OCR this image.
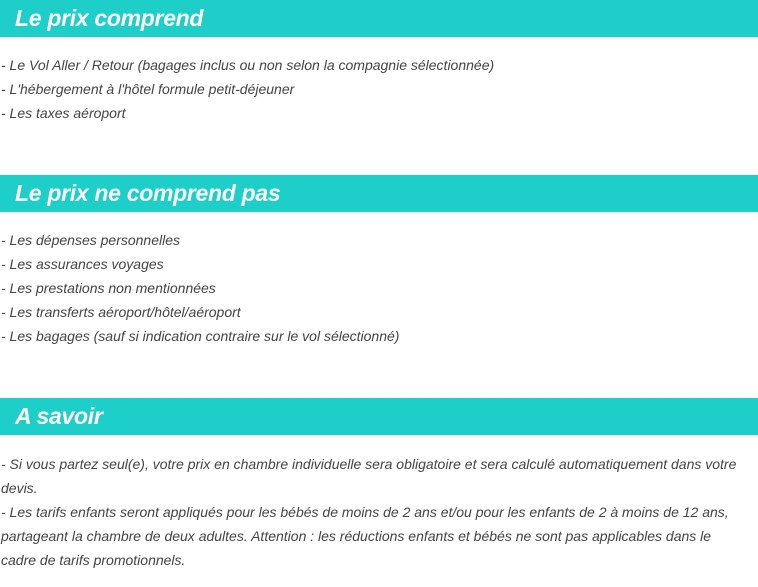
Le prix comprend
- Le Vol Aller / Retour (bagages inclus ou non selon la compagnie sélectionnée)
- L'hébergement à l'hôtel formule petit-déjeuner
- Les taxes aéroport
Le prix ne comprend pas
- Les dépenses personnelles
- Les assurances voyages
- Les prestations non mentionnées
- Les transferts aéroport/hôtel/aéroport
- Les bagages (sauf si indication contraire sur le vol sélectionné)
A savoir
- Si vous partez seul(e), votre prix en chambre individuelle sera obligatoire et sera calculé automatiquement dans votre devis.
- Les tarifs enfants seront appliqués pour les bébés de moins de 2 ans et/ou pour les enfants de 2 à moins de 12 ans, partageant la chambre de deux adultes. Attention : les réductions enfants et bébés ne sont pas applicables dans le cadre de tarifs promotionnels.
